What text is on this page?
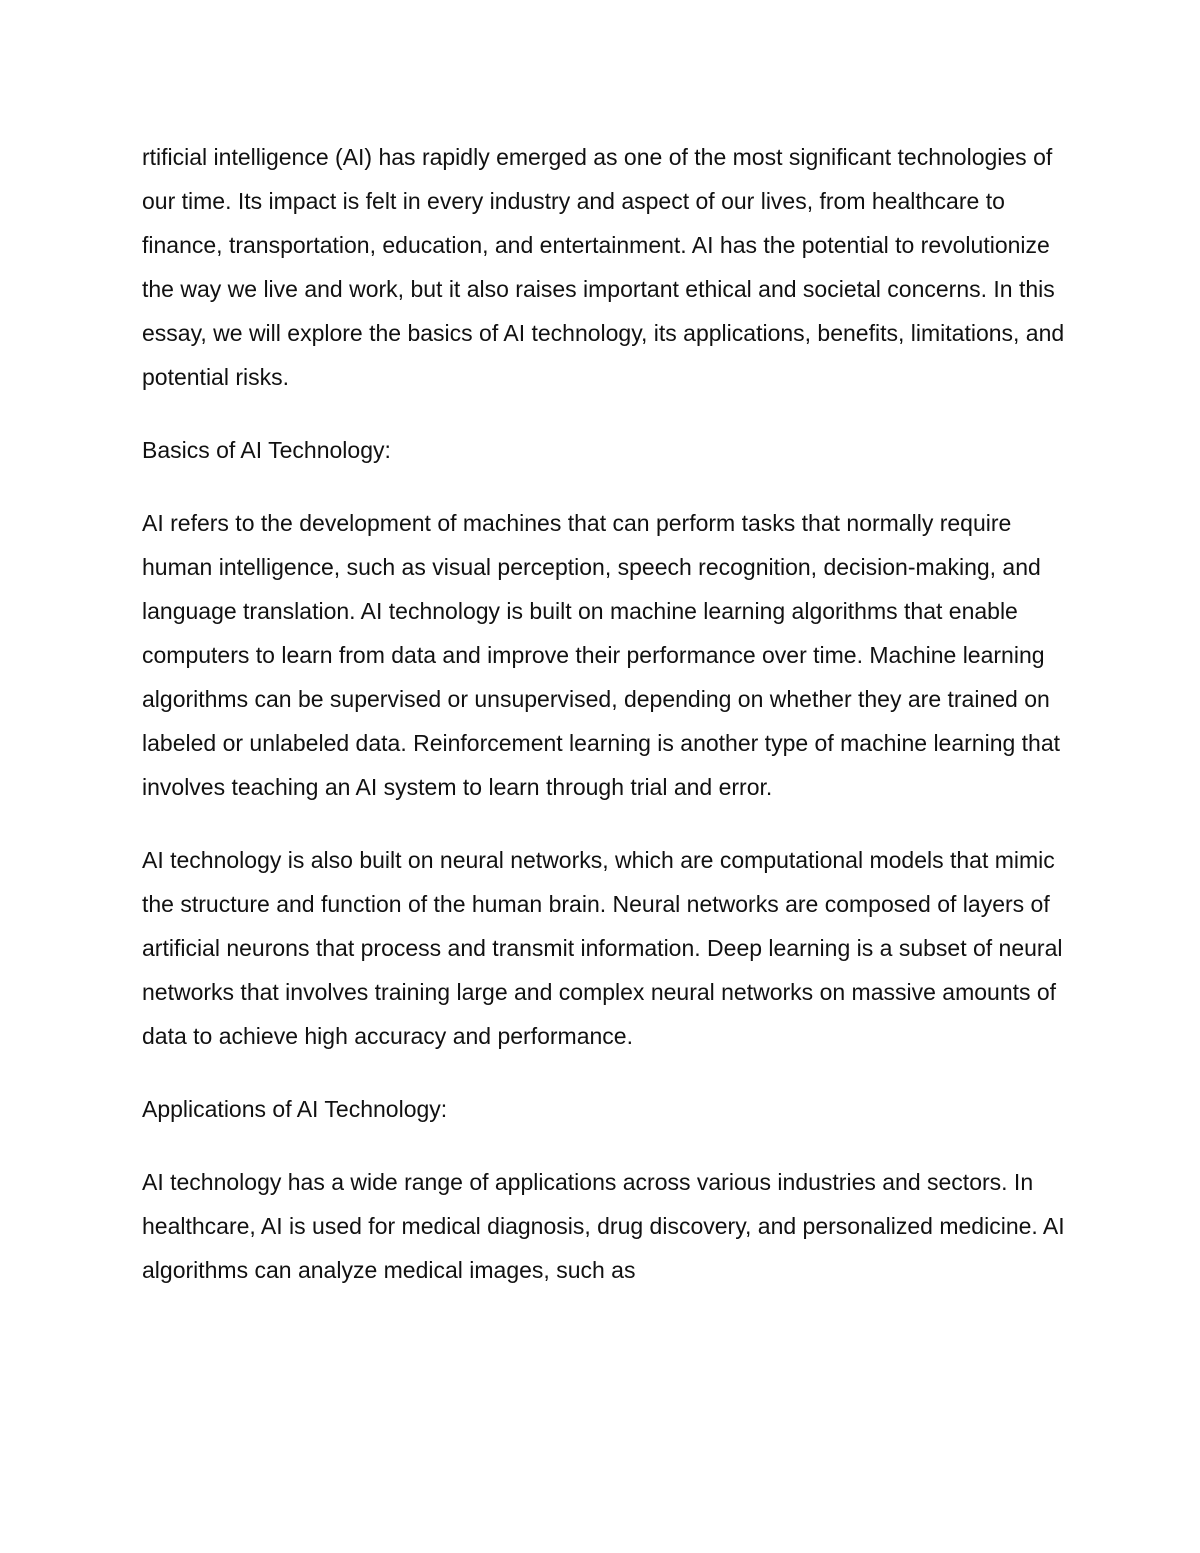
rtificial intelligence (AI) has rapidly emerged as one of the most significant technologies of our time. Its impact is felt in every industry and aspect of our lives, from healthcare to finance, transportation, education, and entertainment. AI has the potential to revolutionize the way we live and work, but it also raises important ethical and societal concerns. In this essay, we will explore the basics of AI technology, its applications, benefits, limitations, and potential risks.

Basics of AI Technology:

AI refers to the development of machines that can perform tasks that normally require human intelligence, such as visual perception, speech recognition, decision-making, and language translation. AI technology is built on machine learning algorithms that enable computers to learn from data and improve their performance over time. Machine learning algorithms can be supervised or unsupervised, depending on whether they are trained on labeled or unlabeled data. Reinforcement learning is another type of machine learning that involves teaching an AI system to learn through trial and error.

AI technology is also built on neural networks, which are computational models that mimic the structure and function of the human brain. Neural networks are composed of layers of artificial neurons that process and transmit information. Deep learning is a subset of neural networks that involves training large and complex neural networks on massive amounts of data to achieve high accuracy and performance.

Applications of AI Technology:

AI technology has a wide range of applications across various industries and sectors. In healthcare, AI is used for medical diagnosis, drug discovery, and personalized medicine. AI algorithms can analyze medical images, such as
